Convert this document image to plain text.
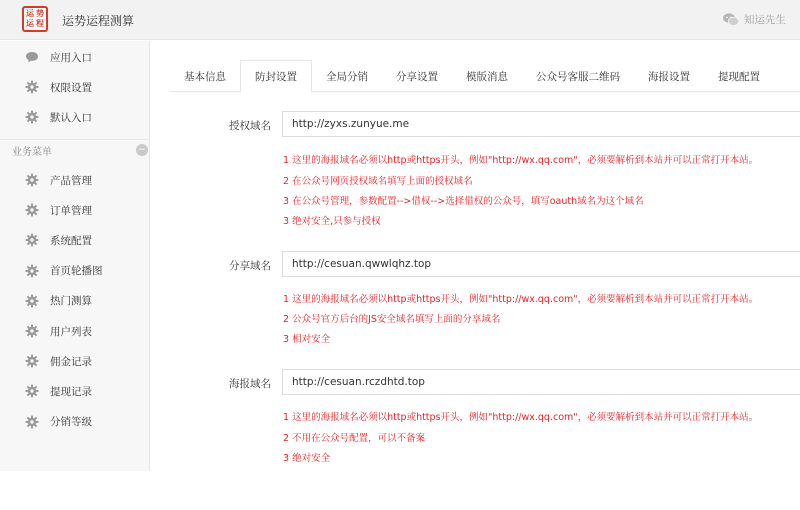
运 势
运 程 运势运程测算	知运先生
应用入口
权限设置
默认入口
业务菜单	−
产品管理
订单管理
系统配置
首页轮播图
热门测算
用户列表
佣金记录
提现记录
分销等级
基本信息	防封设置	全局分销	分享设置	模版消息	公众号客服二维码	海报设置	提现配置
授权域名
http://zyxs.zunyue.me
1 这里的海报域名必须以http或https开头，例如"http://wx.qq.com"，必须要解析到本站并可以正常打开本站。
2 在公众号网页授权域名填写上面的授权域名
3 在公众号管理，参数配置-->借权-->选择借权的公众号，填写oauth域名为这个域名
3 绝对安全,只参与授权
分享域名
http://cesuan.qwwlqhz.top
1 这里的海报域名必须以http或https开头，例如"http://wx.qq.com"，必须要解析到本站并可以正常打开本站。
2 公众号官方后台的JS安全域名填写上面的分享域名
3 相对安全
海报域名
http://cesuan.rczdhtd.top
1 这里的海报域名必须以http或https开头，例如"http://wx.qq.com"，必须要解析到本站并可以正常打开本站。
2 不用在公众号配置，可以不备案
3 绝对安全
